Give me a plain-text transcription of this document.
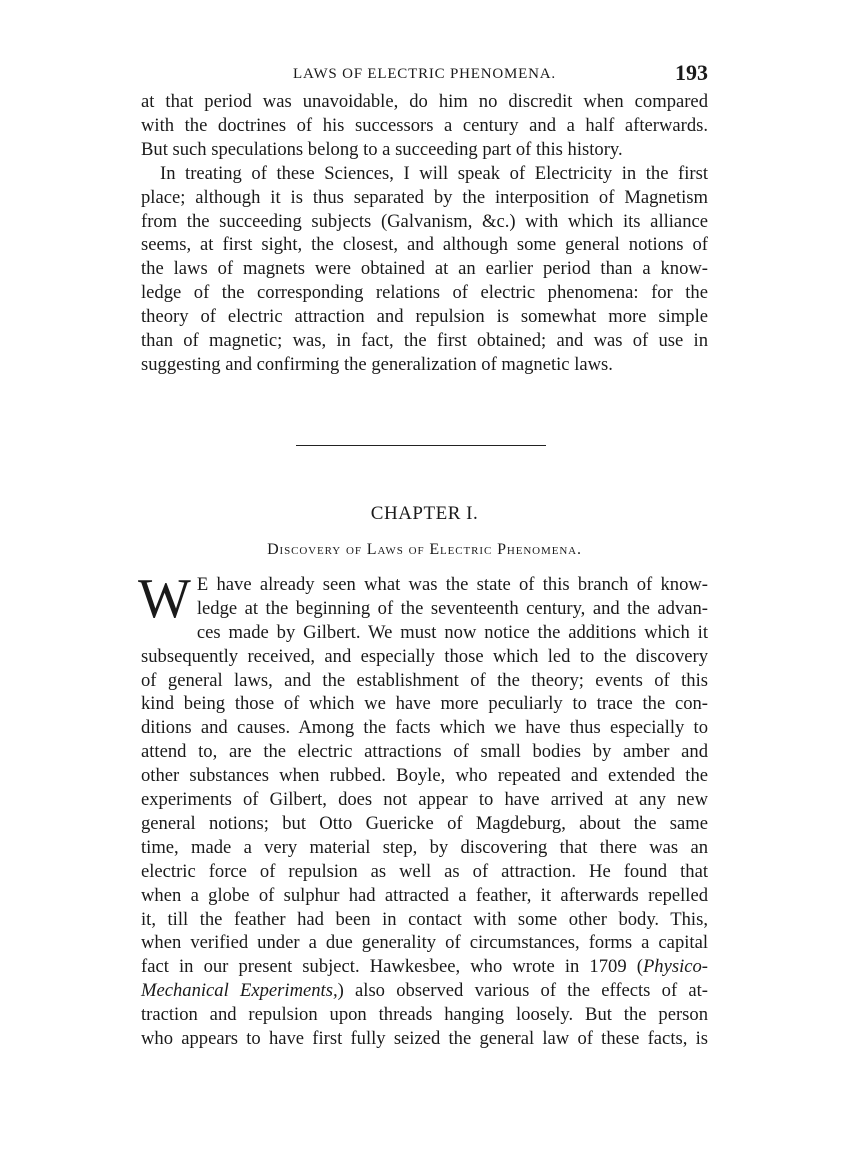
LAWS OF ELECTRIC PHENOMENA.	193

at that period was unavoidable, do him no discredit when compared
with the doctrines of his successors a century and a half afterwards.
But such speculations belong to a succeeding part of this history.

In treating of these Sciences, I will speak of Electricity in the first
place; although it is thus separated by the interposition of Magnetism
from the succeeding subjects (Galvanism, &c.) with which its alliance
seems, at first sight, the closest, and although some general notions of
the laws of magnets were obtained at an earlier period than a know-
ledge of the corresponding relations of electric phenomena: for the
theory of electric attraction and repulsion is somewhat more simple
than of magnetic; was, in fact, the first obtained; and was of use in
suggesting and confirming the generalization of magnetic laws.

CHAPTER I.
Discovery of Laws of Electric Phenomena.

W E have already seen what was the state of this branch of know-
ledge at the beginning of the seventeenth century, and the advan-
ces made by Gilbert. We must now notice the additions which it
subsequently received, and especially those which led to the discovery
of general laws, and the establishment of the theory; events of this
kind being those of which we have more peculiarly to trace the con-
ditions and causes. Among the facts which we have thus especially to
attend to, are the electric attractions of small bodies by amber and
other substances when rubbed. Boyle, who repeated and extended the
experiments of Gilbert, does not appear to have arrived at any new
general notions; but Otto Guericke of Magdeburg, about the same
time, made a very material step, by discovering that there was an
electric force of repulsion as well as of attraction. He found that
when a globe of sulphur had attracted a feather, it afterwards repelled
it, till the feather had been in contact with some other body. This,
when verified under a due generality of circumstances, forms a capital
fact in our present subject. Hawkesbee, who wrote in 1709 (Physico-
Mechanical Experiments,) also observed various of the effects of at-
traction and repulsion upon threads hanging loosely. But the person
who appears to have first fully seized the general law of these facts, is
